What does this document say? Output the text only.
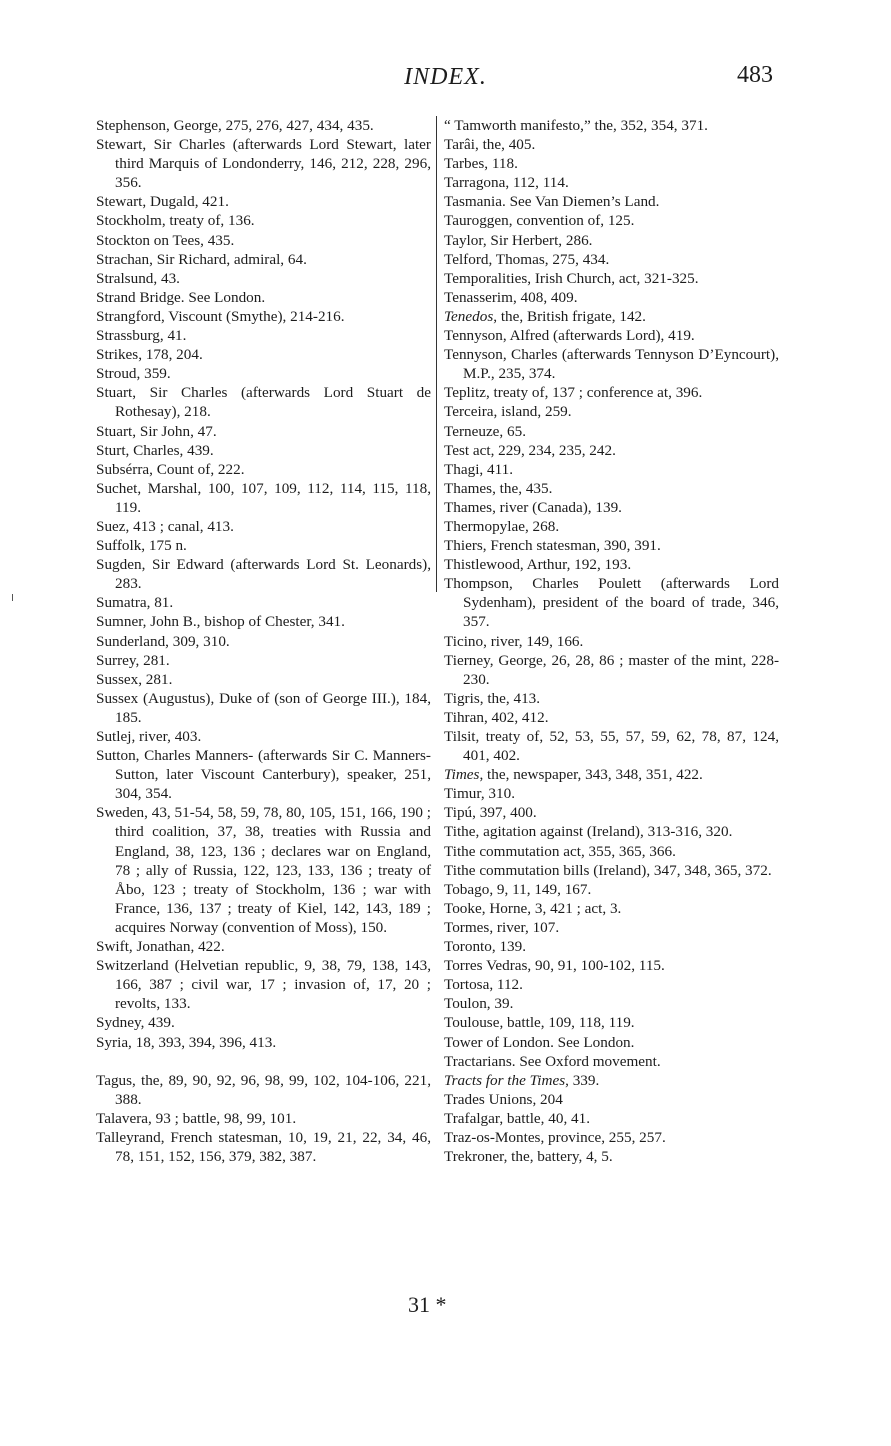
INDEX.	483
Stephenson, George, 275, 276, 427, 434, 435.
Stewart, Sir Charles (afterwards Lord Stewart, later third Marquis of Londonderry, 146, 212, 228, 296, 356.
Stewart, Dugald, 421.
Stockholm, treaty of, 136.
Stockton on Tees, 435.
Strachan, Sir Richard, admiral, 64.
Stralsund, 43.
Strand Bridge. See London.
Strangford, Viscount (Smythe), 214-216.
Strassburg, 41.
Strikes, 178, 204.
Stroud, 359.
Stuart, Sir Charles (afterwards Lord Stuart de Rothesay), 218.
Stuart, Sir John, 47.
Sturt, Charles, 439.
Subsérra, Count of, 222.
Suchet, Marshal, 100, 107, 109, 112, 114, 115, 118, 119.
Suez, 413 ; canal, 413.
Suffolk, 175 n.
Sugden, Sir Edward (afterwards Lord St. Leonards), 283.
Sumatra, 81.
Sumner, John B., bishop of Chester, 341.
Sunderland, 309, 310.
Surrey, 281.
Sussex, 281.
Sussex (Augustus), Duke of (son of George III.), 184, 185.
Sutlej, river, 403.
Sutton, Charles Manners- (afterwards Sir C. Manners-Sutton, later Viscount Canterbury), speaker, 251, 304, 354.
Sweden, 43, 51-54, 58, 59, 78, 80, 105, 151, 166, 190 ; third coalition, 37, 38, treaties with Russia and England, 38, 123, 136 ; declares war on England, 78 ; ally of Russia, 122, 123, 133, 136 ; treaty of Åbo, 123 ; treaty of Stockholm, 136 ; war with France, 136, 137 ; treaty of Kiel, 142, 143, 189 ; acquires Norway (convention of Moss), 150.
Swift, Jonathan, 422.
Switzerland (Helvetian republic, 9, 38, 79, 138, 143, 166, 387 ; civil war, 17 ; invasion of, 17, 20 ; revolts, 133.
Sydney, 439.
Syria, 18, 393, 394, 396, 413.
Tagus, the, 89, 90, 92, 96, 98, 99, 102, 104-106, 221, 388.
Talavera, 93 ; battle, 98, 99, 101.
Talleyrand, French statesman, 10, 19, 21, 22, 34, 46, 78, 151, 152, 156, 379, 382, 387.
“ Tamworth manifesto,” the, 352, 354, 371.
Tarâi, the, 405.
Tarbes, 118.
Tarragona, 112, 114.
Tasmania. See Van Diemen’s Land.
Tauroggen, convention of, 125.
Taylor, Sir Herbert, 286.
Telford, Thomas, 275, 434.
Temporalities, Irish Church, act, 321-325.
Tenasserim, 408, 409.
Tenedos, the, British frigate, 142.
Tennyson, Alfred (afterwards Lord), 419.
Tennyson, Charles (afterwards Tennyson D’Eyncourt), M.P., 235, 374.
Teplitz, treaty of, 137 ; conference at, 396.
Terceira, island, 259.
Terneuze, 65.
Test act, 229, 234, 235, 242.
Thagi, 411.
Thames, the, 435.
Thames, river (Canada), 139.
Thermopylae, 268.
Thiers, French statesman, 390, 391.
Thistlewood, Arthur, 192, 193.
Thompson, Charles Poulett (afterwards Lord Sydenham), president of the board of trade, 346, 357.
Ticino, river, 149, 166.
Tierney, George, 26, 28, 86 ; master of the mint, 228-230.
Tigris, the, 413.
Tihran, 402, 412.
Tilsit, treaty of, 52, 53, 55, 57, 59, 62, 78, 87, 124, 401, 402.
Times, the, newspaper, 343, 348, 351, 422.
Timur, 310.
Tipú, 397, 400.
Tithe, agitation against (Ireland), 313-316, 320.
Tithe commutation act, 355, 365, 366.
Tithe commutation bills (Ireland), 347, 348, 365, 372.
Tobago, 9, 11, 149, 167.
Tooke, Horne, 3, 421 ; act, 3.
Tormes, river, 107.
Toronto, 139.
Torres Vedras, 90, 91, 100-102, 115.
Tortosa, 112.
Toulon, 39.
Toulouse, battle, 109, 118, 119.
Tower of London. See London.
Tractarians. See Oxford movement.
Tracts for the Times, 339.
Trades Unions, 204
Trafalgar, battle, 40, 41.
Traz-os-Montes, province, 255, 257.
Trekroner, the, battery, 4, 5.
31 *
